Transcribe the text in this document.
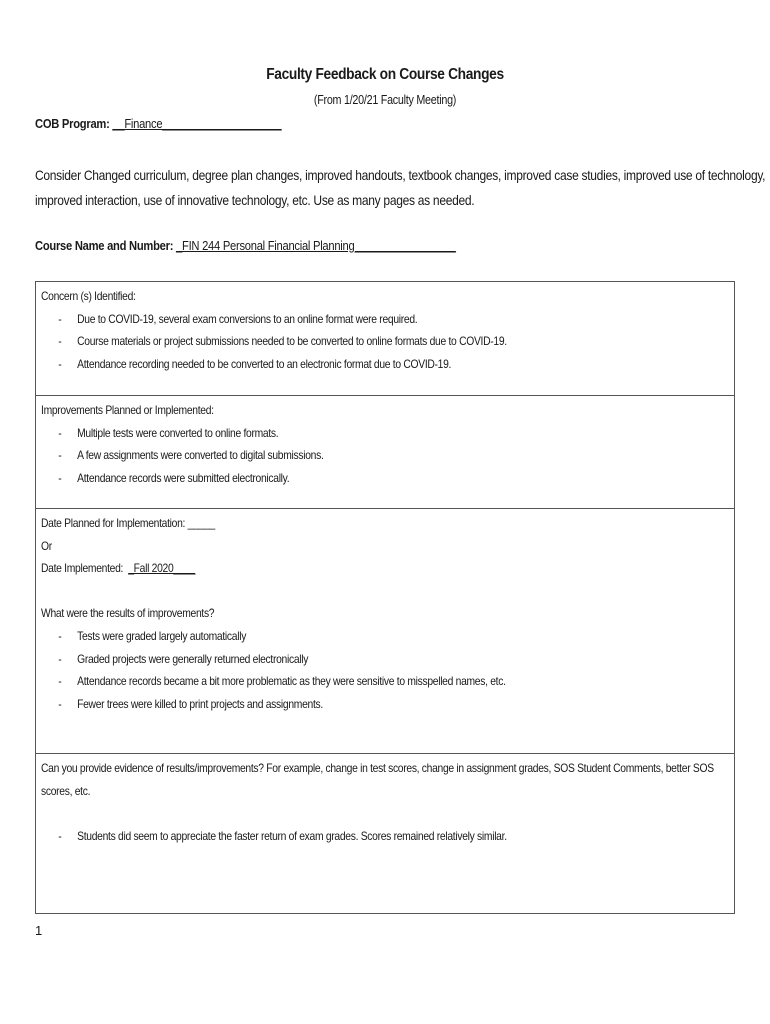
Faculty Feedback on Course Changes
(From 1/20/21 Faculty Meeting)
COB Program: __Finance____________________
Consider Changed curriculum, degree plan changes, improved handouts, textbook changes, improved case studies, improved use of technology,
improved interaction, use of innovative technology, etc. Use as many pages as needed.
Course Name and Number: _FIN 244 Personal Financial Planning_________________
Concern (s) Identified:
- Due to COVID-19, several exam conversions to an online format were required.
- Course materials or project submissions needed to be converted to online formats due to COVID-19.
- Attendance recording needed to be converted to an electronic format due to COVID-19.
Improvements Planned or Implemented:
- Multiple tests were converted to online formats.
- A few assignments were converted to digital submissions.
- Attendance records were submitted electronically.
Date Planned for Implementation: _____
Or
Date Implemented: _Fall 2020____
What were the results of improvements?
- Tests were graded largely automatically
- Graded projects were generally returned electronically
- Attendance records became a bit more problematic as they were sensitive to misspelled names, etc.
- Fewer trees were killed to print projects and assignments.
Can you provide evidence of results/improvements? For example, change in test scores, change in assignment grades, SOS Student Comments, better SOS
scores, etc.
- Students did seem to appreciate the faster return of exam grades. Scores remained relatively similar.
1
